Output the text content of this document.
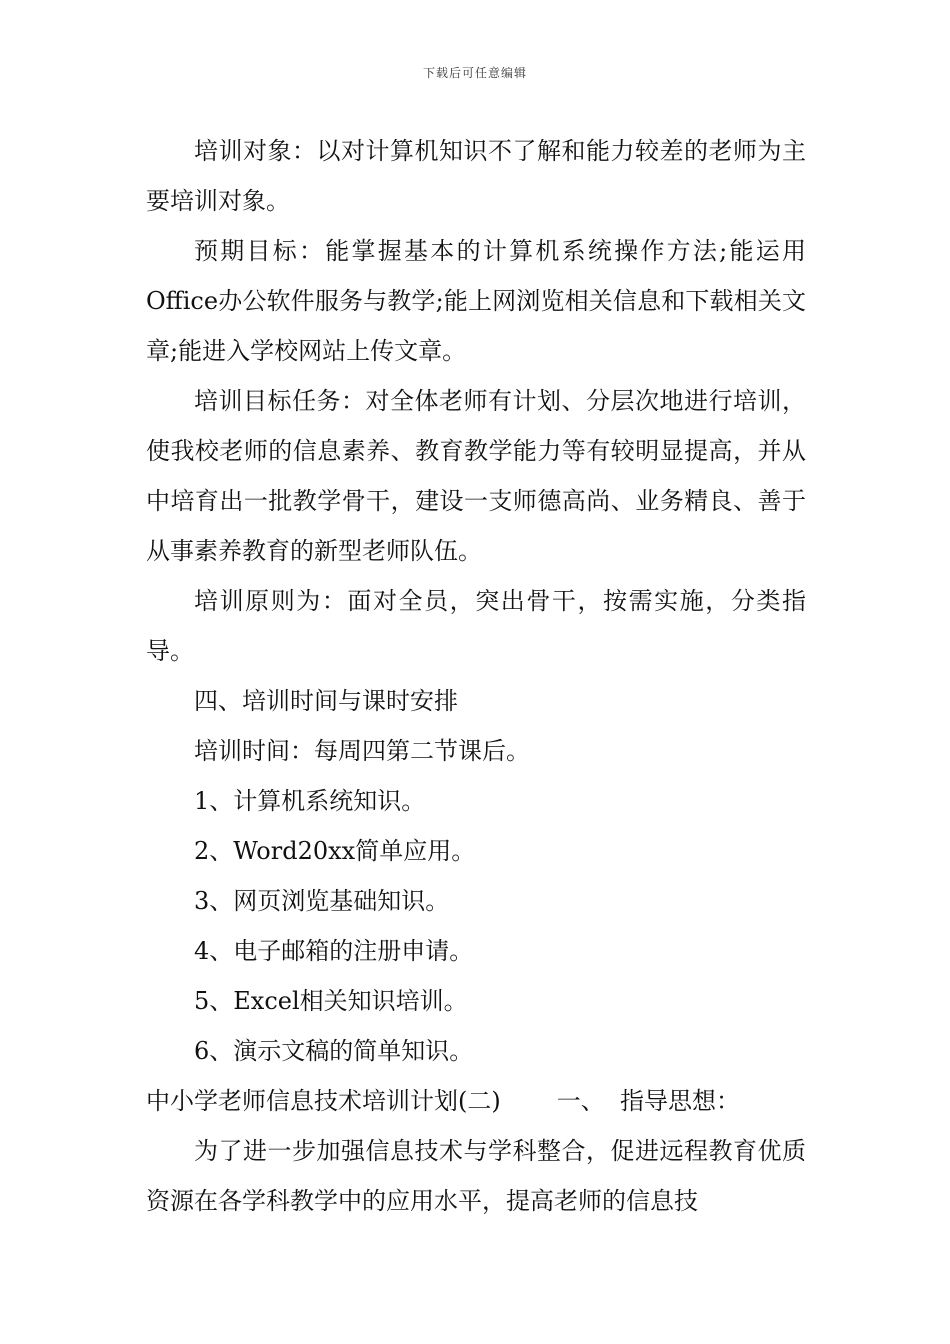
下载后可任意编辑

培训对象：以对计算机知识不了解和能力较差的老师为主要培训对象。

预期目标：能掌握基本的计算机系统操作方法;能运用Office办公软件服务与教学;能上网浏览相关信息和下载相关文章;能进入学校网站上传文章。

培训目标任务：对全体老师有计划、分层次地进行培训，使我校老师的信息素养、教育教学能力等有较明显提高，并从中培育出一批教学骨干，建设一支师德高尚、业务精良、善于从事素养教育的新型老师队伍。

培训原则为：面对全员，突出骨干，按需实施，分类指导。

四、培训时间与课时安排

培训时间：每周四第二节课后。

1、计算机系统知识。

2、Word20xx简单应用。

3、网页浏览基础知识。

4、电子邮箱的注册申请。

5、Excel相关知识培训。

6、演示文稿的简单知识。

中小学老师信息技术培训计划(二) 一、  指导思想：

为了进一步加强信息技术与学科整合，促进远程教育优质资源在各学科教学中的应用水平，提高老师的信息技
